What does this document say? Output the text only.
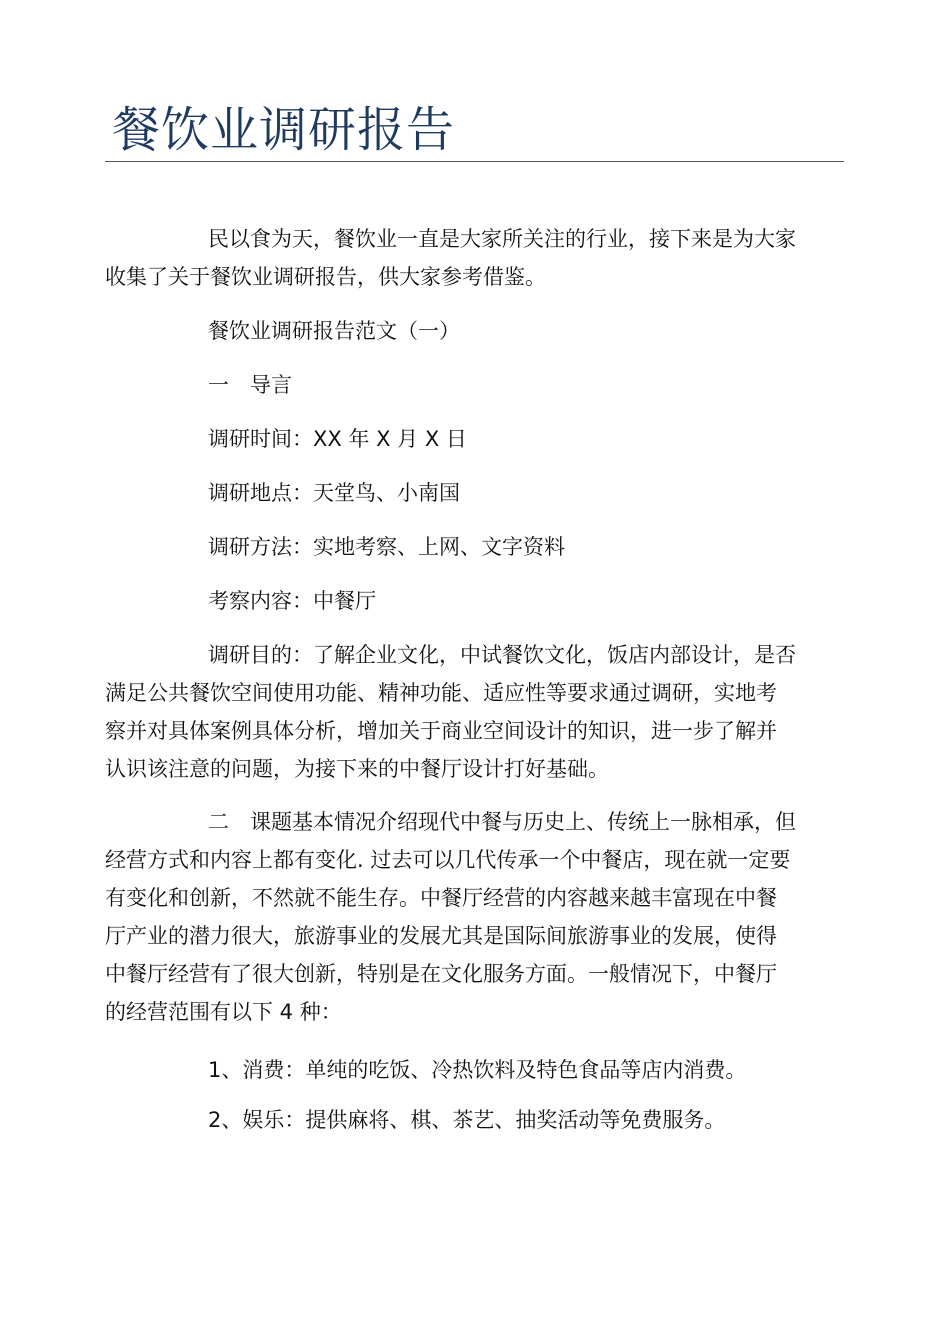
餐饮业调研报告
民以食为天，餐饮业一直是大家所关注的行业，接下来是为大家
收集了关于餐饮业调研报告，供大家参考借鉴。
餐饮业调研报告范文（一）
一　导言
调研时间：XX 年 X 月 X 日
调研地点：天堂鸟、小南国
调研方法：实地考察、上网、文字资料
考察内容：中餐厅
调研目的：了解企业文化，中试餐饮文化，饭店内部设计，是否
满足公共餐饮空间使用功能、精神功能、适应性等要求通过调研，实地考
察并对具体案例具体分析，增加关于商业空间设计的知识，进一步了解并
认识该注意的问题，为接下来的中餐厅设计打好基础。
二　课题基本情况介绍现代中餐与历史上、传统上一脉相承，但
经营方式和内容上都有变化. 过去可以几代传承一个中餐店，现在就一定要
有变化和创新，不然就不能生存。中餐厅经营的内容越来越丰富现在中餐
厅产业的潜力很大，旅游事业的发展尤其是国际间旅游事业的发展，使得
中餐厅经营有了很大创新，特别是在文化服务方面。一般情况下，中餐厅
的经营范围有以下 4 种：
1、消费：单纯的吃饭、冷热饮料及特色食品等店内消费。
2、娱乐：提供麻将、棋、茶艺、抽奖活动等免费服务。
